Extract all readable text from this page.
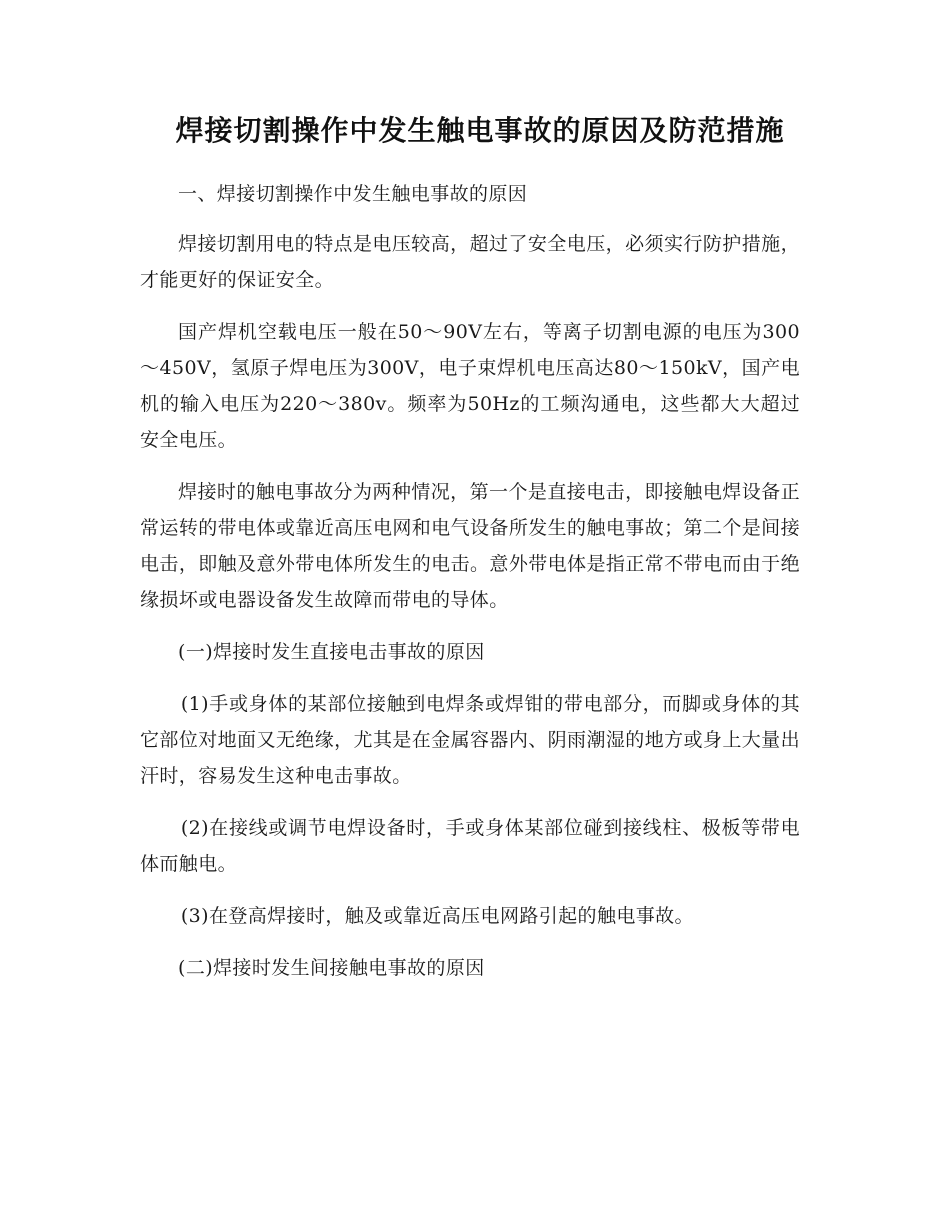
焊接切割操作中发生触电事故的原因及防范措施

一、焊接切割操作中发生触电事故的原因

焊接切割用电的特点是电压较高，超过了安全电压，必须实行防护措施，才能更好的保证安全。

国产焊机空载电压一般在50～90V左右，等离子切割电源的电压为300～450V，氢原子焊电压为300V，电子束焊机电压高达80～150kV，国产电机的输入电压为220～380v。频率为50Hz的工频沟通电，这些都大大超过安全电压。

焊接时的触电事故分为两种情况，第一个是直接电击，即接触电焊设备正常运转的带电体或靠近高压电网和电气设备所发生的触电事故；第二个是间接电击，即触及意外带电体所发生的电击。意外带电体是指正常不带电而由于绝缘损坏或电器设备发生故障而带电的导体。

(一)焊接时发生直接电击事故的原因

(1)手或身体的某部位接触到电焊条或焊钳的带电部分，而脚或身体的其它部位对地面又无绝缘，尤其是在金属容器内、阴雨潮湿的地方或身上大量出汗时，容易发生这种电击事故。

(2)在接线或调节电焊设备时，手或身体某部位碰到接线柱、极板等带电体而触电。

(3)在登高焊接时，触及或靠近高压电网路引起的触电事故。

(二)焊接时发生间接触电事故的原因
